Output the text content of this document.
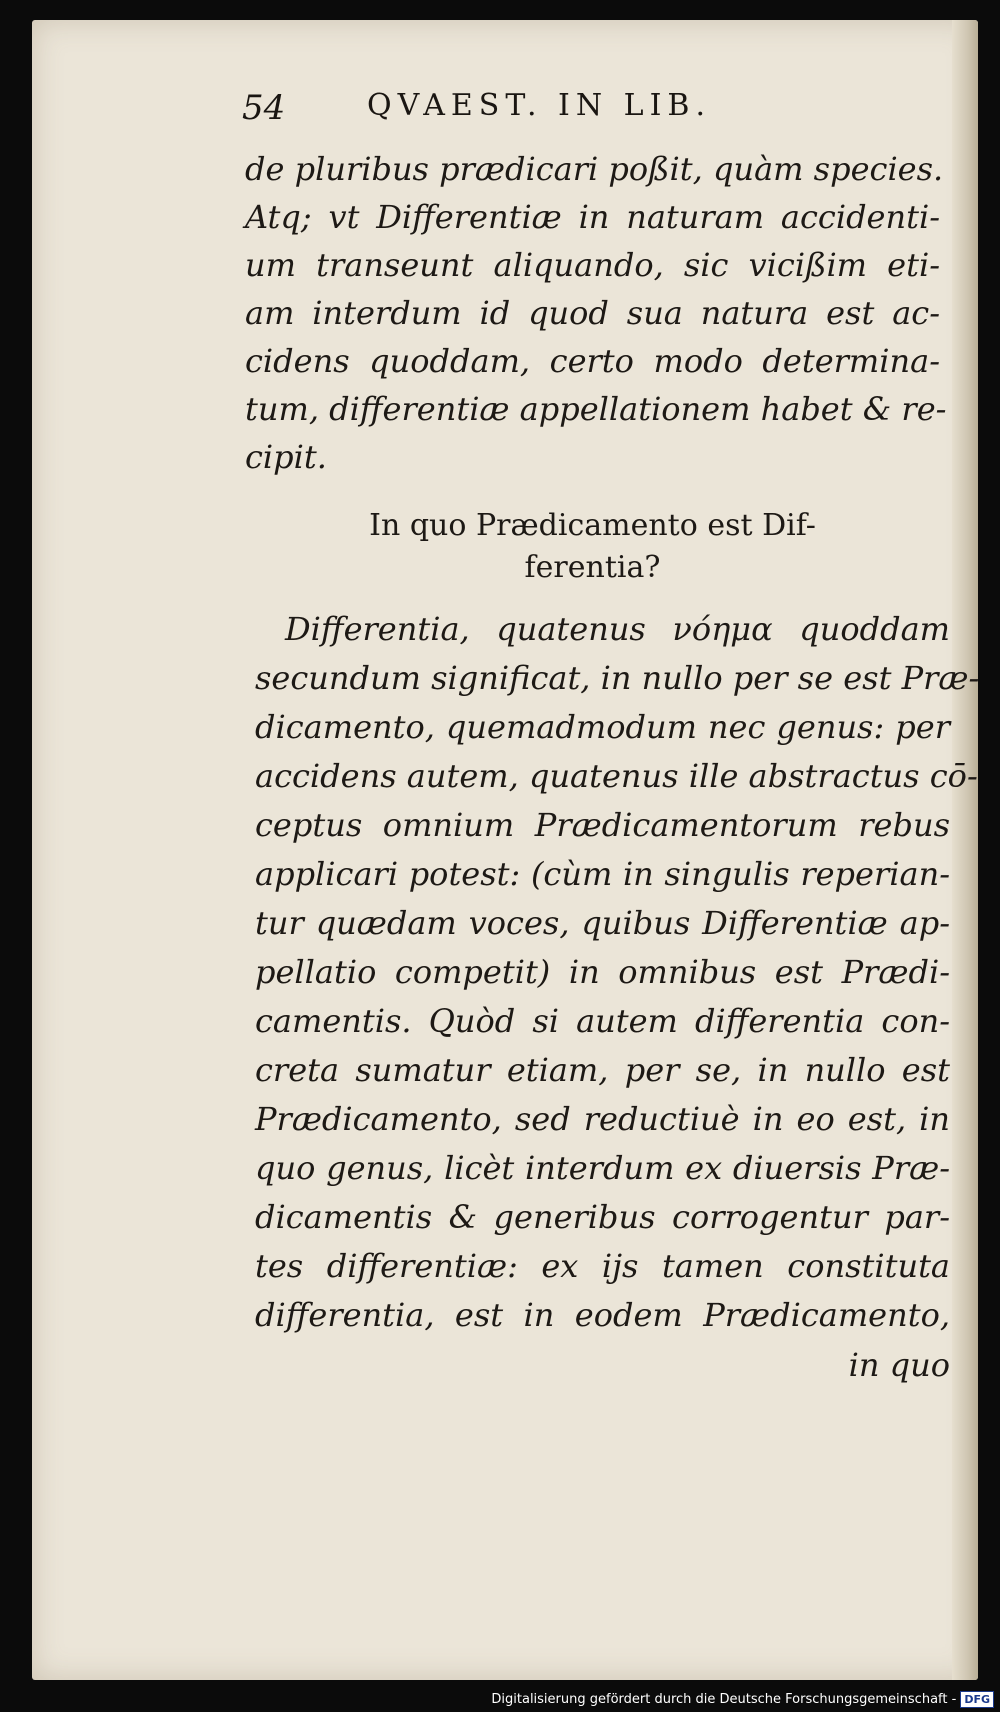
54	QVAEST. IN LIB.
de pluribus prædicari poßit, quàm species.
Atq; vt Differentiæ in naturam accidenti-
um transeunt aliquando, sic vicißim eti-
am interdum id quod sua natura est ac-
cidens quoddam, certo modo determina-
tum, differentiæ appellationem habet & re-
cipit.
In quo Prædicamento est Dif-
ferentia?
Differentia, quatenus νόημα quoddam
secundum significat, in nullo per se est Præ-
dicamento, quemadmodum nec genus: per
accidens autem, quatenus ille abstractus cō-
ceptus omnium Prædicamentorum rebus
applicari potest: (cùm in singulis reperian-
tur quædam voces, quibus Differentiæ ap-
pellatio competit) in omnibus est Prædi-
camentis. Quòd si autem differentia con-
creta sumatur etiam, per se, in nullo est
Prædicamento, sed reductiuè in eo est, in
quo genus, licèt interdum ex diuersis Præ-
dicamentis & generibus corrogentur par-
tes differentiæ: ex ijs tamen constituta
differentia, est in eodem Prædicamento,
in quo
Digitalisierung gefördert durch die Deutsche Forschungsgemeinschaft - DFG
